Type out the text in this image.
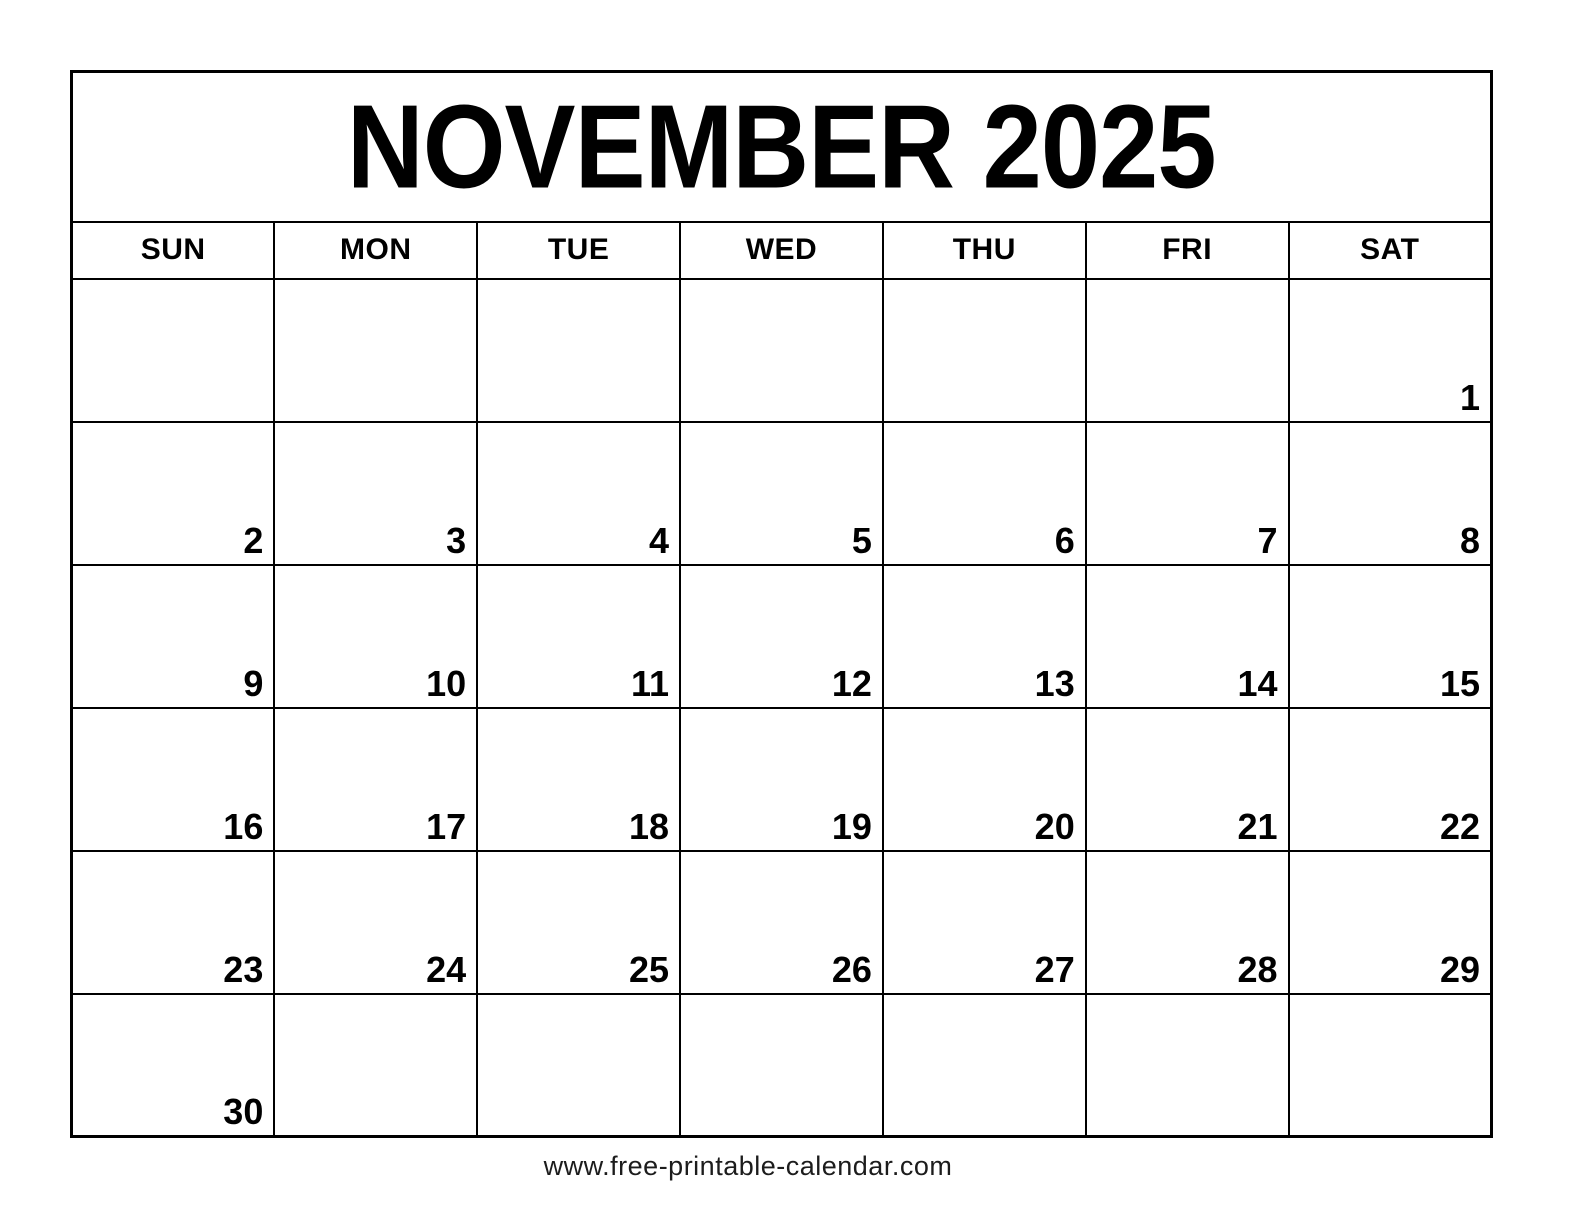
NOVEMBER 2025						
SUN	MON	TUE	WED	THU	FRI	SAT
						1
2	3	4	5	6	7	8
9	10	11	12	13	14	15
16	17	18	19	20	21	22
23	24	25	26	27	28	29
30						
www.free-printable-calendar.com
